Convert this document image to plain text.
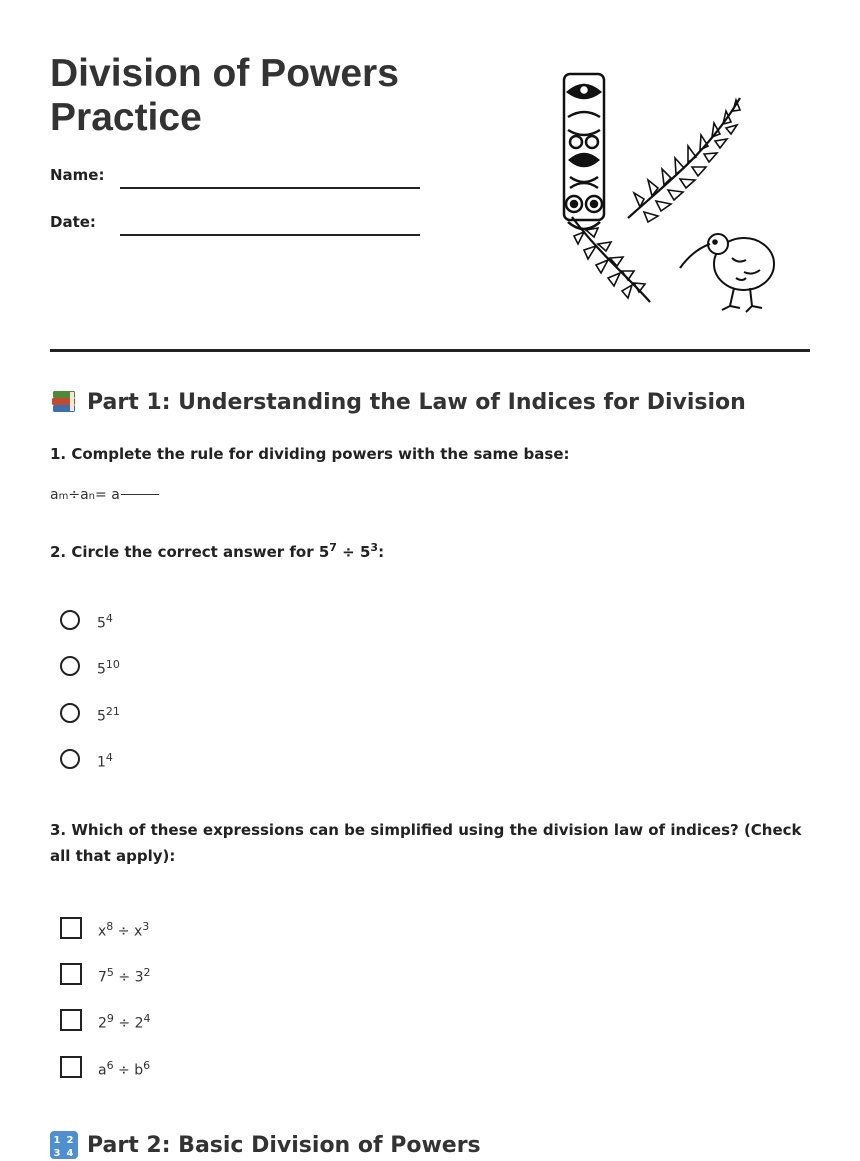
Division of Powers
Practice
Name:
Date:
Part 1: Understanding the Law of Indices for Division
1. Complete the rule for dividing powers with the same base:
a m ÷ a n = a
2. Circle the correct answer for $5^7 \div 5^3$:
$5^4$
$5^{10}$
$5^{21}$
$1^4$
3. Which of these expressions can be simplified using the division law of indices? (Check all that apply):
$x^8 \div x^3$
$7^5 \div 3^2$
$2^9 \div 2^4$
$a^6 \div b^6$
1 2
3 4 Part 2: Basic Division of Powers
